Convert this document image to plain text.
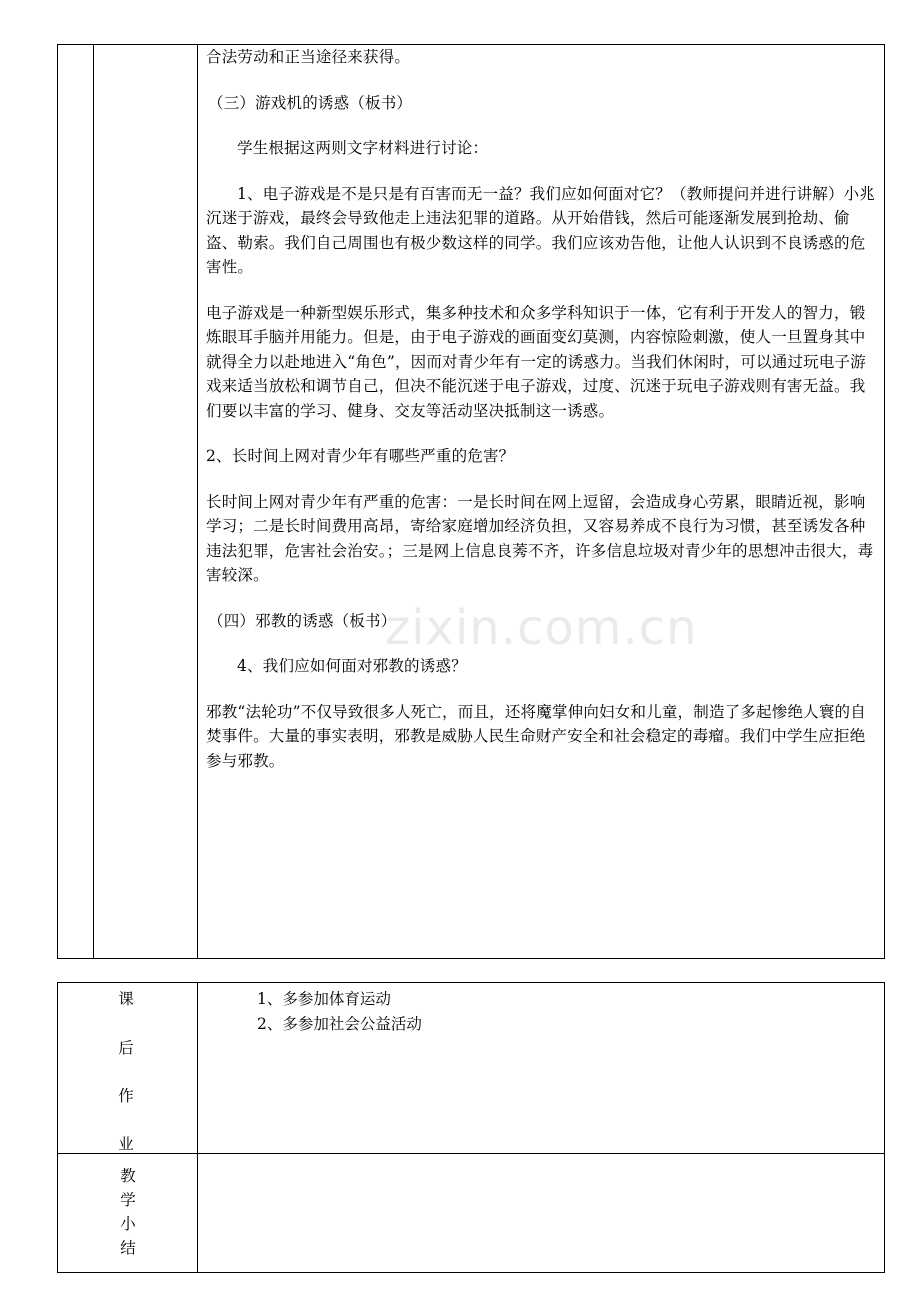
合法劳动和正当途径来获得。

（三）游戏机的诱惑（板书）

学生根据这两则文字材料进行讨论：

1、电子游戏是不是只是有百害而无一益？我们应如何面对它？（教师提问并进行讲解）小兆沉迷于游戏，最终会导致他走上违法犯罪的道路。从开始借钱，然后可能逐渐发展到抢劫、偷盗、勒索。我们自己周围也有极少数这样的同学。我们应该劝告他，让他人认识到不良诱惑的危害性。

电子游戏是一种新型娱乐形式，集多种技术和众多学科知识于一体，它有利于开发人的智力，锻炼眼耳手脑并用能力。但是，由于电子游戏的画面变幻莫测，内容惊险刺激，使人一旦置身其中就得全力以赴地进入“角色”，因而对青少年有一定的诱惑力。当我们休闲时，可以通过玩电子游戏来适当放松和调节自己，但决不能沉迷于电子游戏，过度、沉迷于玩电子游戏则有害无益。我们要以丰富的学习、健身、交友等活动坚决抵制这一诱惑。

2、长时间上网对青少年有哪些严重的危害？

长时间上网对青少年有严重的危害：一是长时间在网上逗留，会造成身心劳累，眼睛近视，影响学习；二是长时间费用高昂，寄给家庭增加经济负担，又容易养成不良行为习惯，甚至诱发各种违法犯罪，危害社会治安。；三是网上信息良莠不齐，许多信息垃圾对青少年的思想冲击很大，毒害较深。

（四）邪教的诱惑（板书）

4、我们应如何面对邪教的诱惑？

邪教“法轮功”不仅导致很多人死亡，而且，还将魔掌伸向妇女和儿童，制造了多起惨绝人寰的自焚事件。大量的事实表明，邪教是威胁人民生命财产安全和社会稳定的毒瘤。我们中学生应拒绝参与邪教。

课
后
作
业
1、多参加体育运动
2、多参加社会公益活动
教
学
小
结
zixin.com.cn
